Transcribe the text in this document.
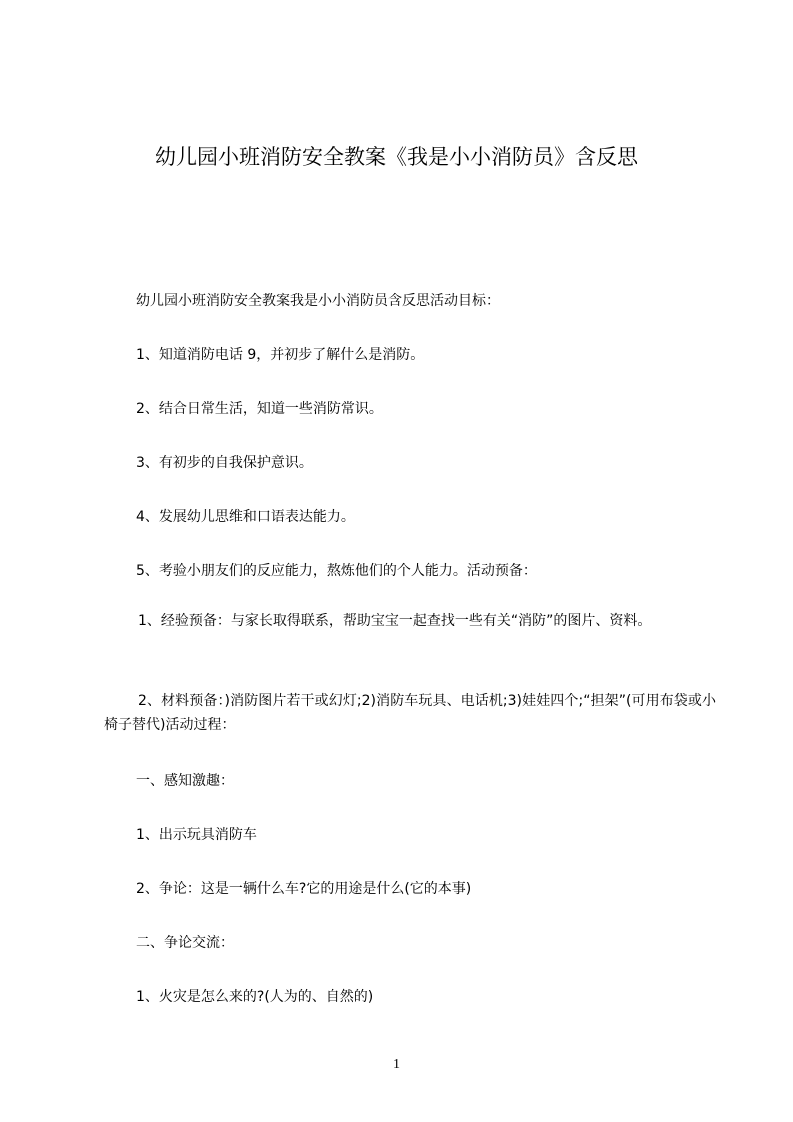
幼儿园小班消防安全教案《我是小小消防员》含反思
幼儿园小班消防安全教案我是小小消防员含反思活动目标：
1、知道消防电话 9，并初步了解什么是消防。
2、结合日常生活，知道一些消防常识。
3、有初步的自我保护意识。
4、发展幼儿思维和口语表达能力。
5、考验小朋友们的反应能力，熬炼他们的个人能力。活动预备：
1、经验预备：与家长取得联系，帮助宝宝一起查找一些有关“消防”的图片、资料。
2、材料预备：)消防图片若干或幻灯;2)消防车玩具、电话机;3)娃娃四个;“担架”(可用布袋或小椅子替代)活动过程：
一、感知激趣：
1、出示玩具消防车
2、争论：这是一辆什么车?它的用途是什么(它的本事)
二、争论交流：
1、火灾是怎么来的?(人为的、自然的)
1
